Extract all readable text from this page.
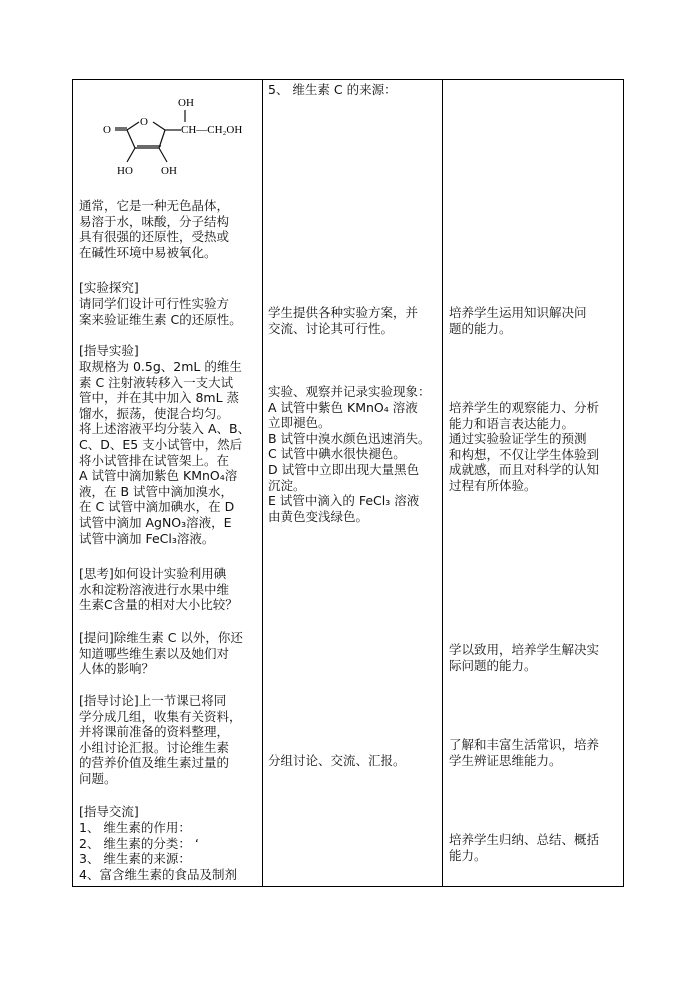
O
O
OH
CH—CH₂OH
HO	OH
通常，它是一种无色晶体，
易溶于水，味酸，分子结构
具有很强的还原性，受热或
在碱性环境中易被氧化。
[实验探究]
请同学们设计可行性实验方
案来验证维生素 C的还原性。
[指导实验]
取规格为 0.5g、2mL 的维生
素 C 注射液转移入一支大试
管中，并在其中加入 8mL 蒸
馏水，振荡，使混合均匀。
将上述溶液平均分装入 A、B、
C、D、E5 支小试管中，然后
将小试管排在试管架上。在
A 试管中滴加紫色 KMnO₄溶
液，在 B 试管中滴加溴水，
在 C 试管中滴加碘水，在 D
试管中滴加 AgNO₃溶液，E
试管中滴加 FeCl₃溶液。
[思考]如何设计实验利用碘
水和淀粉溶液进行水果中维
生素C含量的相对大小比较？
[提问]除维生素 C 以外，你还
知道哪些维生素以及她们对
人体的影响？
[指导讨论]上一节课已将同
学分成几组，收集有关资料，
并将课前准备的资料整理，
小组讨论汇报。讨论维生素
的营养价值及维生素过量的
问题。
[指导交流]
1、 维生素的作用：
2、 维生素的分类： ‘
3、 维生素的来源：
4、富含维生素的食品及制剂
5、 维生素 C 的来源：
学生提供各种实验方案，并
交流、讨论其可行性。
实验、观察并记录实验现象：
A 试管中紫色 KMnO₄ 溶液
立即褪色。
B 试管中溴水颜色迅速消失。
C 试管中碘水很快褪色。
D 试管中立即出现大量黑色
沉淀。
E 试管中滴入的 FeCl₃ 溶液
由黄色变浅绿色。
分组讨论、交流、汇报。
培养学生运用知识解决问
题的能力。
培养学生的观察能力、分析
能力和语言表达能力。
通过实验验证学生的预测
和构想，不仅让学生体验到
成就感，而且对科学的认知
过程有所体验。
学以致用，培养学生解决实
际问题的能力。
了解和丰富生活常识，培养
学生辨证思维能力。
培养学生归纳、总结、概括
能力。
